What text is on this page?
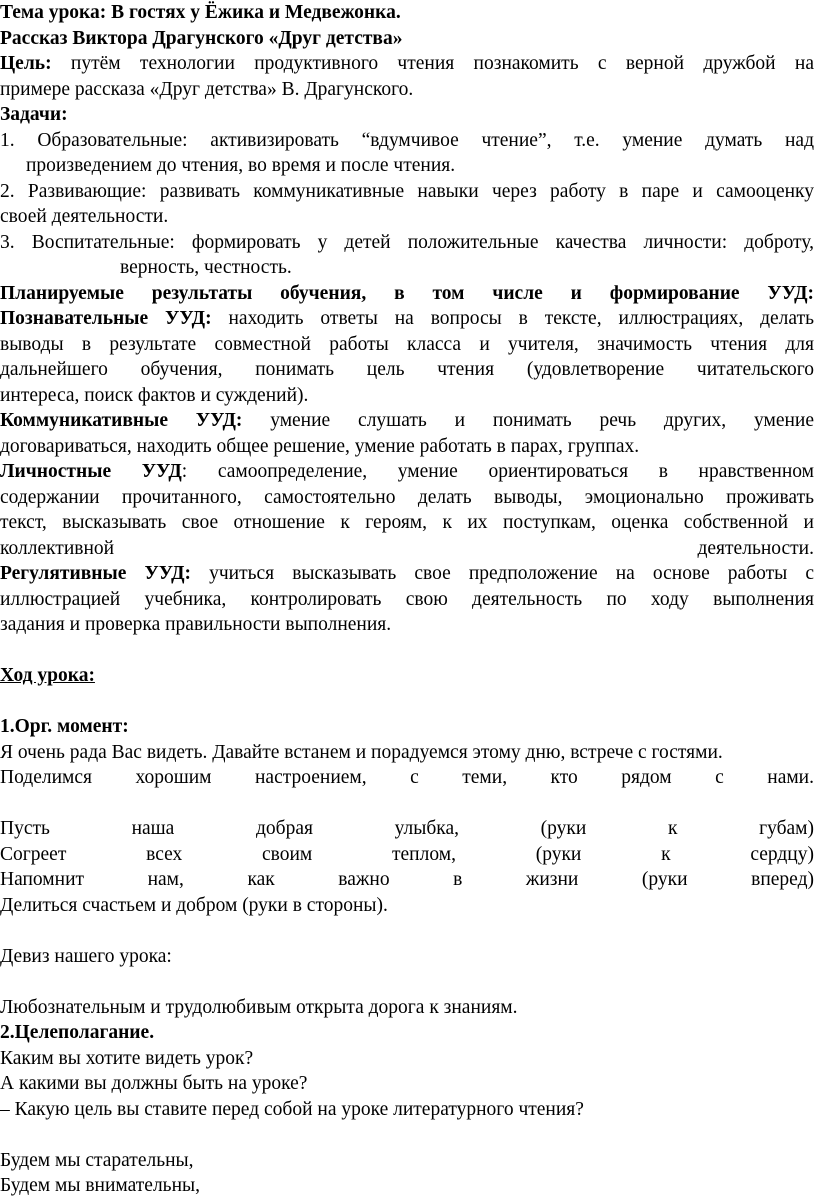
Тема урока: В гостях у Ёжика и Медвежонка.
Рассказ Виктора Драгунского «Друг детства»
Цель: путём технологии продуктивного чтения познакомить с верной дружбой на
примере рассказа «Друг детства» В. Драгунского.
Задачи:
1. Образовательные: активизировать “вдумчивое чтение”, т.е. умение думать над
произведением до чтения, во время и после чтения.
2. Развивающие: развивать коммуникативные навыки через работу в паре и самооценку
своей деятельности.
3. Воспитательные: формировать у детей положительные качества личности: доброту,
верность, честность.
Планируемые результаты обучения, в том числе и формирование УУД:
Познавательные УУД: находить ответы на вопросы в тексте, иллюстрациях, делать
выводы в результате совместной работы класса и учителя, значимость чтения для
дальнейшего обучения, понимать цель чтения (удовлетворение читательского
интереса, поиск фактов и суждений).
Коммуникативные УУД: умение слушать и понимать речь других, умение
договариваться, находить общее решение, умение работать в парах, группах.
Личностные УУД: самоопределение, умение ориентироваться в нравственном
содержании прочитанного, самостоятельно делать выводы, эмоционально проживать
текст, высказывать свое отношение к героям, к их поступкам, оценка собственной и
коллективной	деятельности.
Регулятивные УУД: учиться высказывать свое предположение на основе работы с
иллюстрацией учебника, контролировать свою деятельность по ходу выполнения
задания и проверка правильности выполнения.
Ход урока:
1.Орг. момент:
Я очень рада Вас видеть. Давайте встанем и порадуемся этому дню, встрече с гостями.
Поделимся хорошим настроением, с теми, кто рядом с нами.
Пусть наша добрая улыбка, (руки к губам)
Согреет всех своим теплом, (руки к сердцу)
Напомнит нам, как важно в жизни (руки вперед)
Делиться счастьем и добром (руки в стороны).
Девиз нашего урока:
Любознательным и трудолюбивым открыта дорога к знаниям.
2.Целеполагание.
Каким вы хотите видеть урок?
А какими вы должны быть на уроке?
– Какую цель вы ставите перед собой на уроке литературного чтения?
Будем мы старательны,
Будем мы внимательны,
